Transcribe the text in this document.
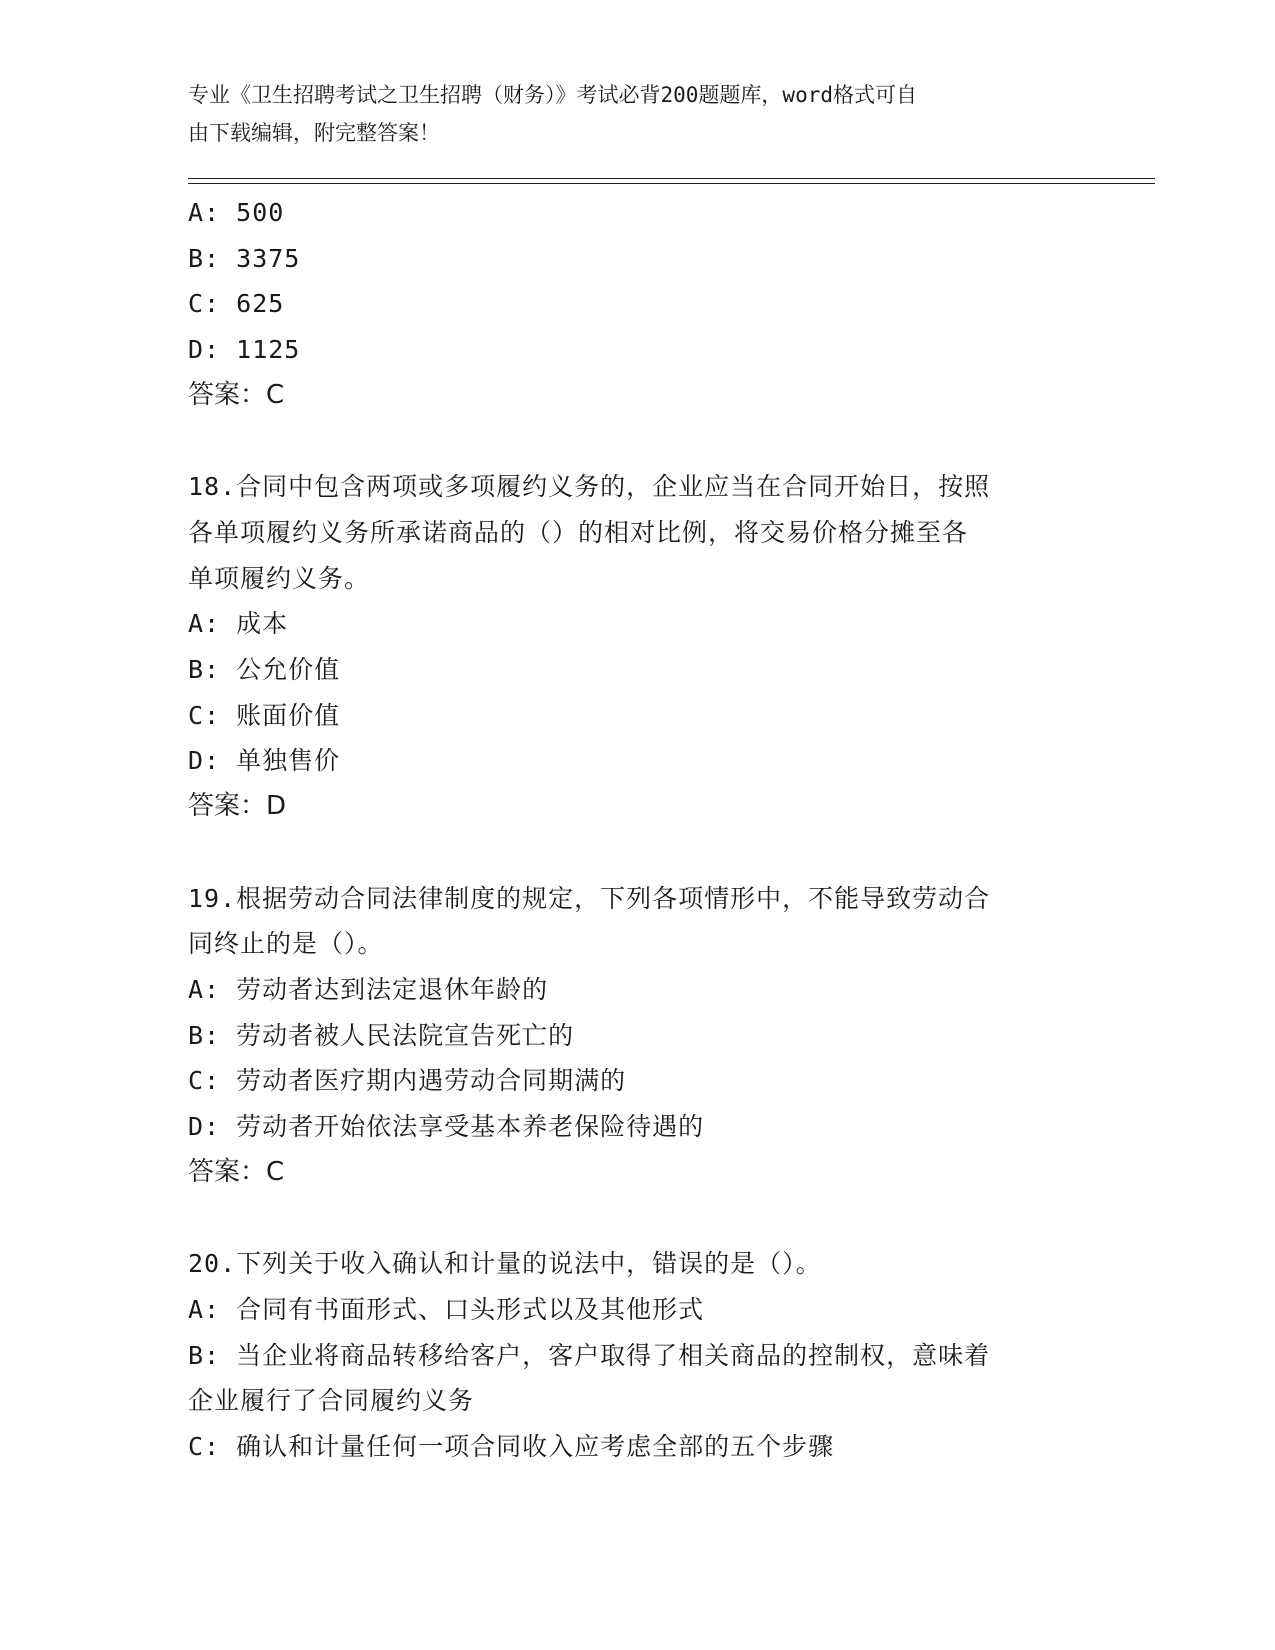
专业《卫生招聘考试之卫生招聘（财务）》考试必背200题题库，word格式可自
由下载编辑，附完整答案！
A: 500
B: 3375
C: 625
D: 1125
答案：C
18.合同中包含两项或多项履约义务的，企业应当在合同开始日，按照
各单项履约义务所承诺商品的（）的相对比例，将交易价格分摊至各
单项履约义务。
A: 成本
B: 公允价值
C: 账面价值
D: 单独售价
答案：D
19.根据劳动合同法律制度的规定，下列各项情形中，不能导致劳动合
同终止的是（）。
A: 劳动者达到法定退休年龄的
B: 劳动者被人民法院宣告死亡的
C: 劳动者医疗期内遇劳动合同期满的
D: 劳动者开始依法享受基本养老保险待遇的
答案：C
20.下列关于收入确认和计量的说法中，错误的是（）。
A: 合同有书面形式、口头形式以及其他形式
B: 当企业将商品转移给客户，客户取得了相关商品的控制权，意味着
企业履行了合同履约义务
C: 确认和计量任何一项合同收入应考虑全部的五个步骤
